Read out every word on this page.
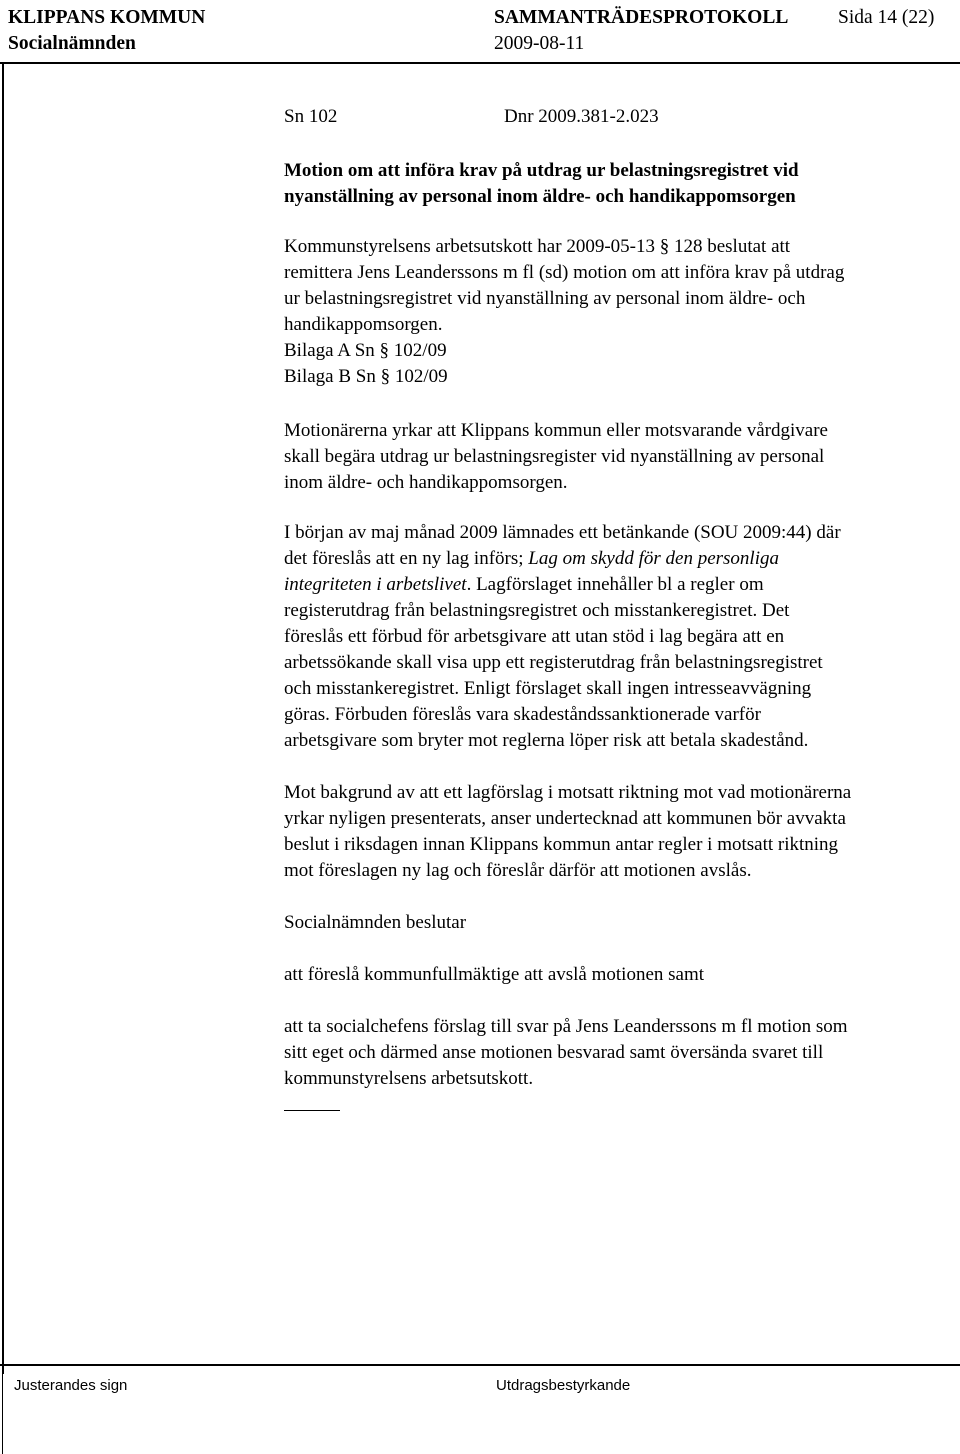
KLIPPANS KOMMUN	SAMMANTRÄDESPROTOKOLL	Sida 14 (22)
Socialnämnden	2009-08-11
Sn 102	Dnr 2009.381-2.023
Motion om att införa krav på utdrag ur belastningsregistret vid
nyanställning av personal inom äldre- och handikappomsorgen
Kommunstyrelsens arbetsutskott har 2009-05-13 § 128 beslutat att
remittera Jens Leanderssons m fl (sd) motion om att införa krav på utdrag
ur belastningsregistret vid nyanställning av personal inom äldre- och
handikappomsorgen.
Bilaga A Sn § 102/09
Bilaga B Sn § 102/09
Motionärerna yrkar att Klippans kommun eller motsvarande vårdgivare
skall begära utdrag ur belastningsregister vid nyanställning av personal
inom äldre- och handikappomsorgen.
I början av maj månad 2009 lämnades ett betänkande (SOU 2009:44) där
det föreslås att en ny lag införs; Lag om skydd för den personliga
integriteten i arbetslivet. Lagförslaget innehåller bl a regler om
registerutdrag från belastningsregistret och misstankeregistret. Det
föreslås ett förbud för arbetsgivare att utan stöd i lag begära att en
arbetssökande skall visa upp ett registerutdrag från belastningsregistret
och misstankeregistret. Enligt förslaget skall ingen intresseavvägning
göras. Förbuden föreslås vara skadeståndssanktionerade varför
arbetsgivare som bryter mot reglerna löper risk att betala skadestånd.
Mot bakgrund av att ett lagförslag i motsatt riktning mot vad motionärerna
yrkar nyligen presenterats, anser undertecknad att kommunen bör avvakta
beslut i riksdagen innan Klippans kommun antar regler i motsatt riktning
mot föreslagen ny lag och föreslår därför att motionen avslås.
Socialnämnden beslutar
att föreslå kommunfullmäktige att avslå motionen samt
att ta socialchefens förslag till svar på Jens Leanderssons m fl motion som
sitt eget och därmed anse motionen besvarad samt översända svaret till
kommunstyrelsens arbetsutskott.
Justerandes sign	Utdragsbestyrkande
